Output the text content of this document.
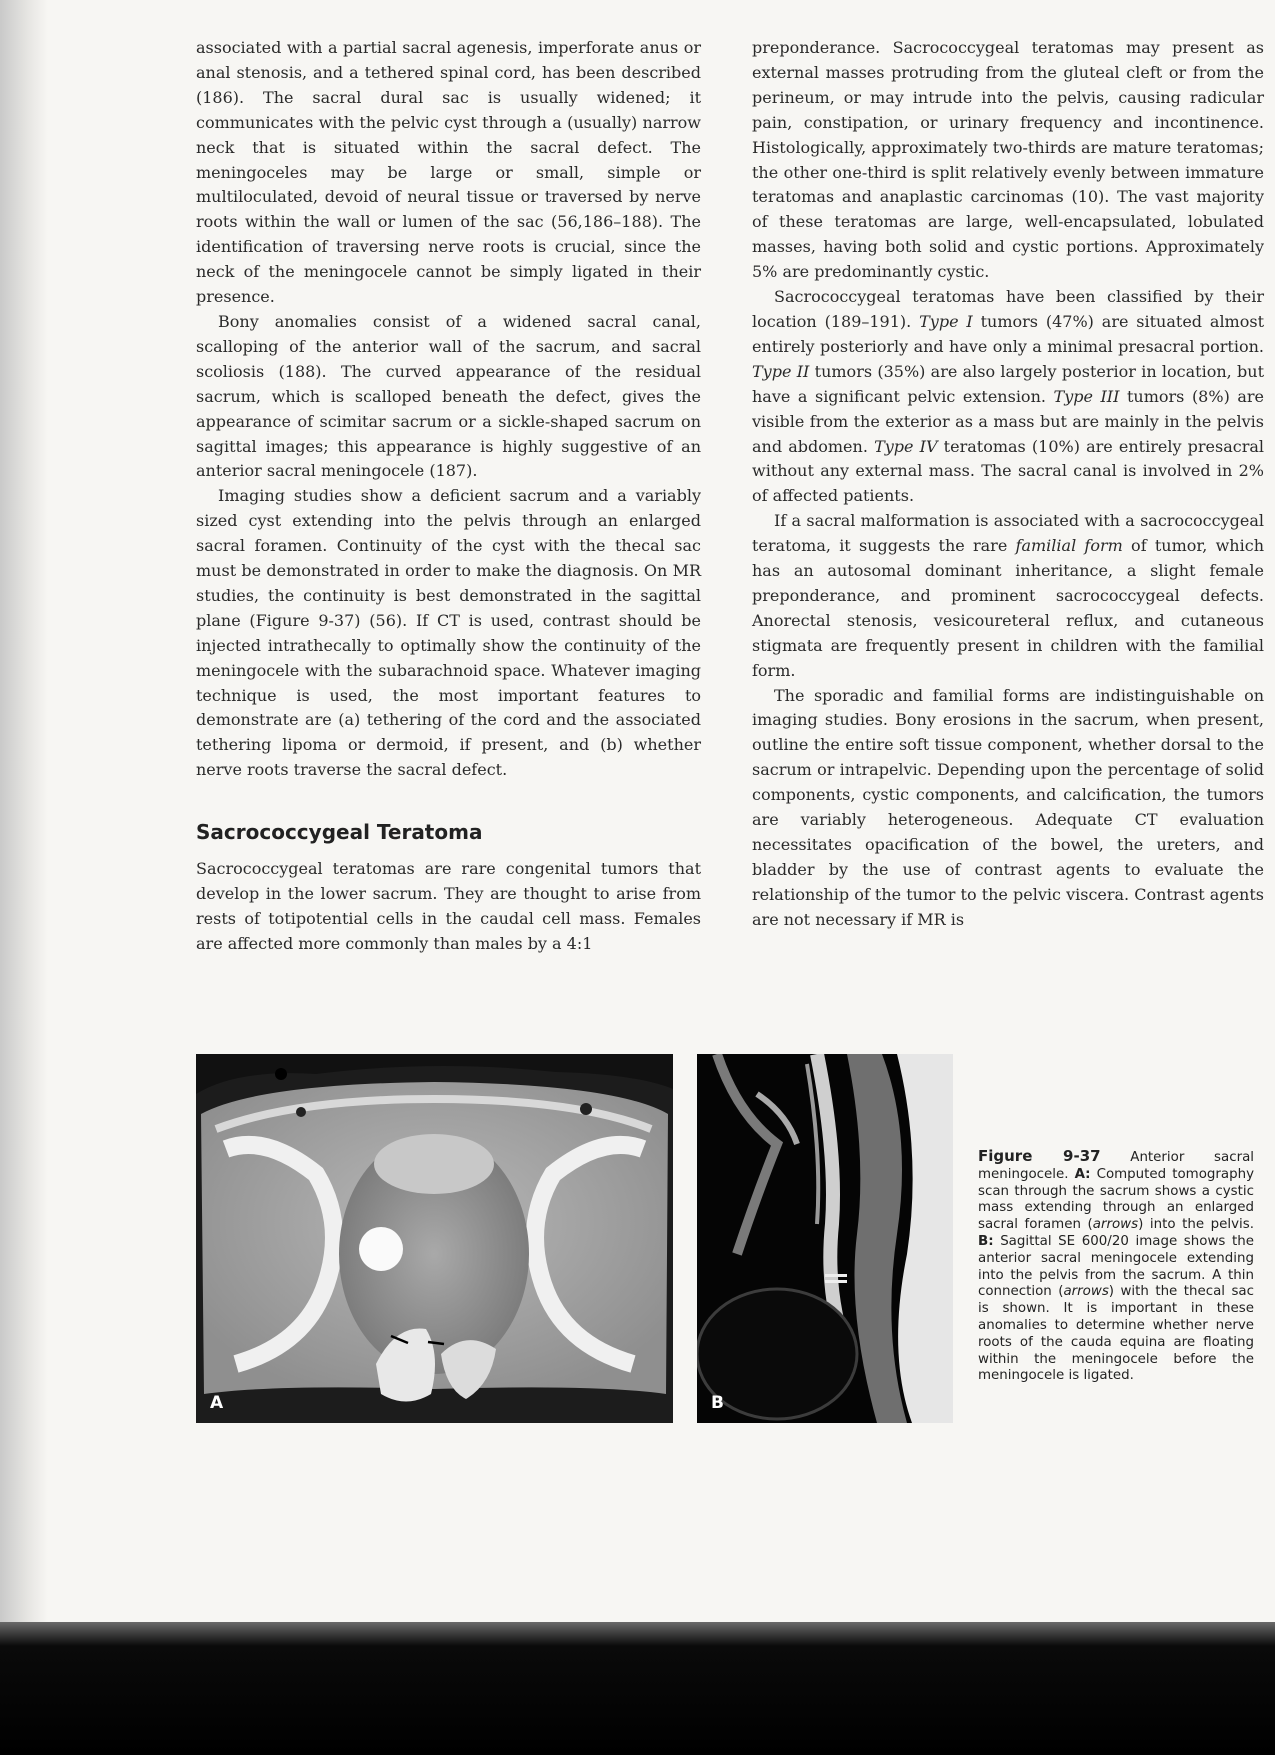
associated with a partial sacral agenesis, imperforate anus or anal stenosis, and a tethered spinal cord, has been described (186). The sacral dural sac is usually widened; it communicates with the pelvic cyst through a (usually) narrow neck that is situated within the sacral defect. The meningoceles may be large or small, simple or multiloculated, devoid of neural tissue or traversed by nerve roots within the wall or lumen of the sac (56,186–188). The identification of traversing nerve roots is crucial, since the neck of the meningocele cannot be simply ligated in their presence.

Bony anomalies consist of a widened sacral canal, scalloping of the anterior wall of the sacrum, and sacral scoliosis (188). The curved appearance of the residual sacrum, which is scalloped beneath the defect, gives the appearance of scimitar sacrum or a sickle-shaped sacrum on sagittal images; this appearance is highly suggestive of an anterior sacral meningocele (187).

Imaging studies show a deficient sacrum and a variably sized cyst extending into the pelvis through an enlarged sacral foramen. Continuity of the cyst with the thecal sac must be demonstrated in order to make the diagnosis. On MR studies, the continuity is best demonstrated in the sagittal plane (Figure 9-37) (56). If CT is used, contrast should be injected intrathecally to optimally show the continuity of the meningocele with the subarachnoid space. Whatever imaging technique is used, the most important features to demonstrate are (a) tethering of the cord and the associated tethering lipoma or dermoid, if present, and (b) whether nerve roots traverse the sacral defect.

Sacrococcygeal Teratoma

Sacrococcygeal teratomas are rare congenital tumors that develop in the lower sacrum. They are thought to arise from rests of totipotential cells in the caudal cell mass. Females are affected more commonly than males by a 4:1

preponderance. Sacrococcygeal teratomas may present as external masses protruding from the gluteal cleft or from the perineum, or may intrude into the pelvis, causing radicular pain, constipation, or urinary frequency and incontinence. Histologically, approximately two-thirds are mature teratomas; the other one-third is split relatively evenly between immature teratomas and anaplastic carcinomas (10). The vast majority of these teratomas are large, well-encapsulated, lobulated masses, having both solid and cystic portions. Approximately 5% are predominantly cystic.

Sacrococcygeal teratomas have been classified by their location (189–191). Type I tumors (47%) are situated almost entirely posteriorly and have only a minimal presacral portion. Type II tumors (35%) are also largely posterior in location, but have a significant pelvic extension. Type III tumors (8%) are visible from the exterior as a mass but are mainly in the pelvis and abdomen. Type IV teratomas (10%) are entirely presacral without any external mass. The sacral canal is involved in 2% of affected patients.

If a sacral malformation is associated with a sacrococcygeal teratoma, it suggests the rare familial form of tumor, which has an autosomal dominant inheritance, a slight female preponderance, and prominent sacrococcygeal defects. Anorectal stenosis, vesicoureteral reflux, and cutaneous stigmata are frequently present in children with the familial form.

The sporadic and familial forms are indistinguishable on imaging studies. Bony erosions in the sacrum, when present, outline the entire soft tissue component, whether dorsal to the sacrum or intrapelvic. Depending upon the percentage of solid components, cystic components, and calcification, the tumors are variably heterogeneous. Adequate CT evaluation necessitates opacification of the bowel, the ureters, and bladder by the use of contrast agents to evaluate the relationship of the tumor to the pelvic viscera. Contrast agents are not necessary if MR is

A	B
Figure 9-37 Anterior sacral meningocele. A: Computed tomography scan through the sacrum shows a cystic mass extending through an enlarged sacral foramen (arrows) into the pelvis. B: Sagittal SE 600/20 image shows the anterior sacral meningocele extending into the pelvis from the sacrum. A thin connection (arrows) with the thecal sac is shown. It is important in these anomalies to determine whether nerve roots of the cauda equina are floating within the meningocele before the meningocele is ligated.
